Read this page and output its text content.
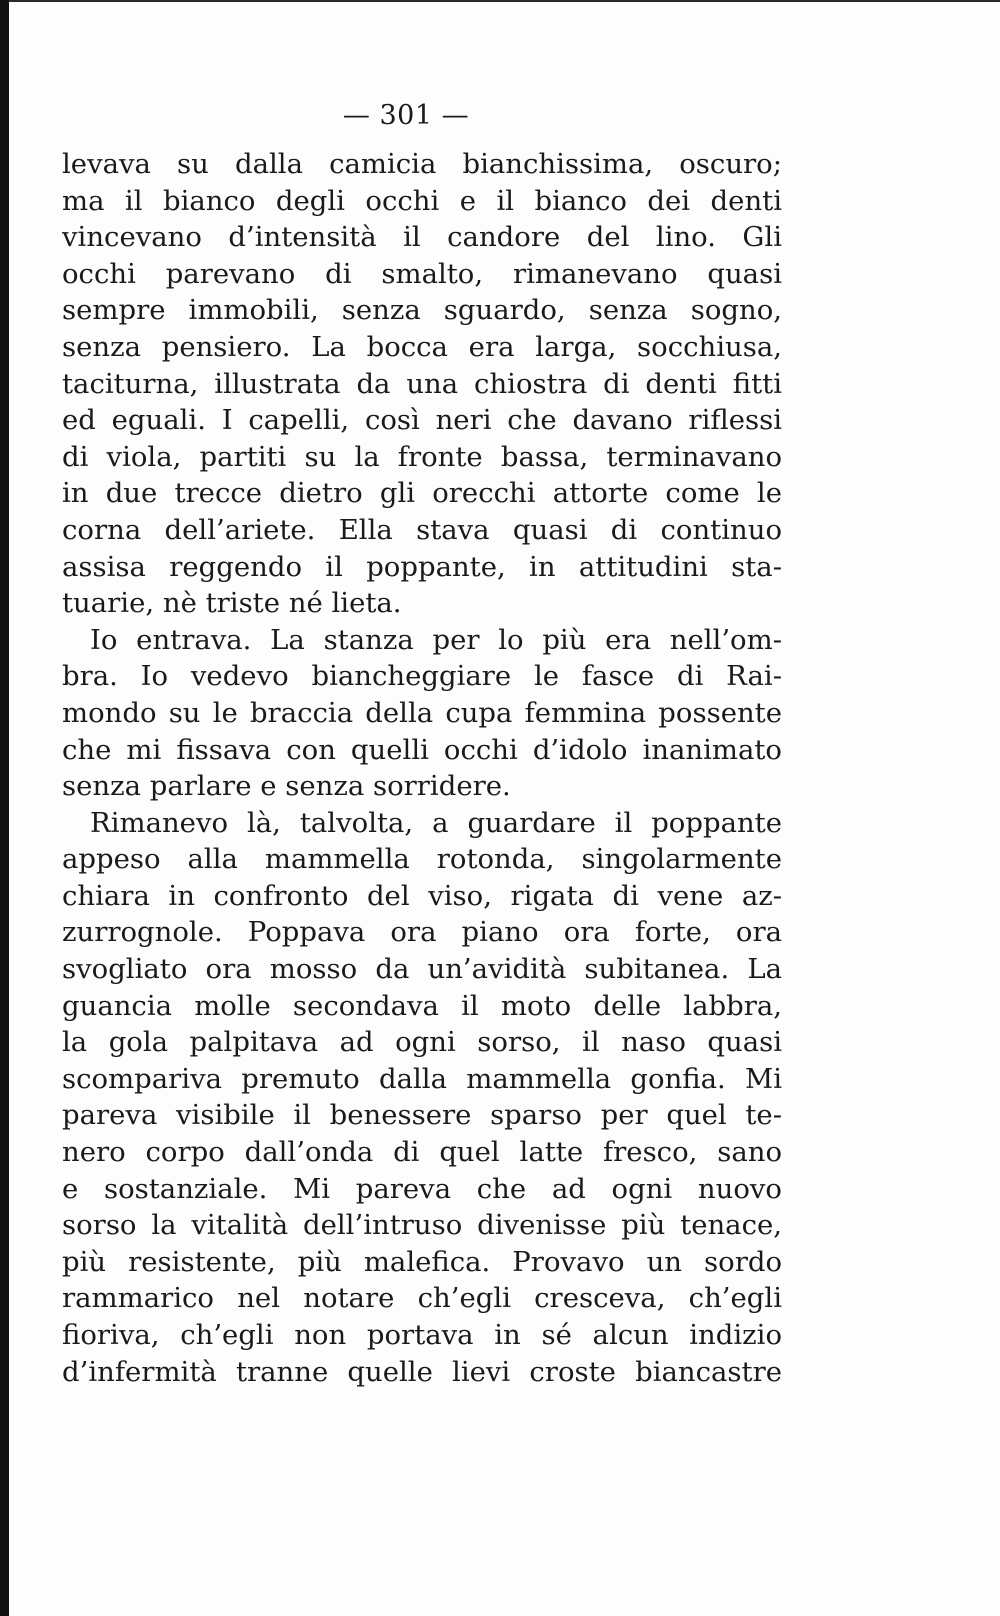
— 301 —
levava su dalla camicia bianchissima, oscuro;
ma il bianco degli occhi e il bianco dei denti
vincevano d’intensità il candore del lino. Gli
occhi parevano di smalto, rimanevano quasi
sempre immobili, senza sguardo, senza sogno,
senza pensiero. La bocca era larga, socchiusa,
taciturna, illustrata da una chiostra di denti fitti
ed eguali. I capelli, così neri che davano riflessi
di viola, partiti su la fronte bassa, terminavano
in due trecce dietro gli orecchi attorte come le
corna dell’ariete. Ella stava quasi di continuo
assisa reggendo il poppante, in attitudini sta-
tuarie, nè triste né lieta.
Io entrava. La stanza per lo più era nell’om-
bra. Io vedevo biancheggiare le fasce di Rai-
mondo su le braccia della cupa femmina possente
che mi fissava con quelli occhi d’idolo inanimato
senza parlare e senza sorridere.
Rimanevo là, talvolta, a guardare il poppante
appeso alla mammella rotonda, singolarmente
chiara in confronto del viso, rigata di vene az-
zurrognole. Poppava ora piano ora forte, ora
svogliato ora mosso da un’avidità subitanea. La
guancia molle secondava il moto delle labbra,
la gola palpitava ad ogni sorso, il naso quasi
scompariva premuto dalla mammella gonfia. Mi
pareva visibile il benessere sparso per quel te-
nero corpo dall’onda di quel latte fresco, sano
e sostanziale. Mi pareva che ad ogni nuovo
sorso la vitalità dell’intruso divenisse più tenace,
più resistente, più malefica. Provavo un sordo
rammarico nel notare ch’egli cresceva, ch’egli
fioriva, ch’egli non portava in sé alcun indizio
d’infermità tranne quelle lievi croste biancastre
